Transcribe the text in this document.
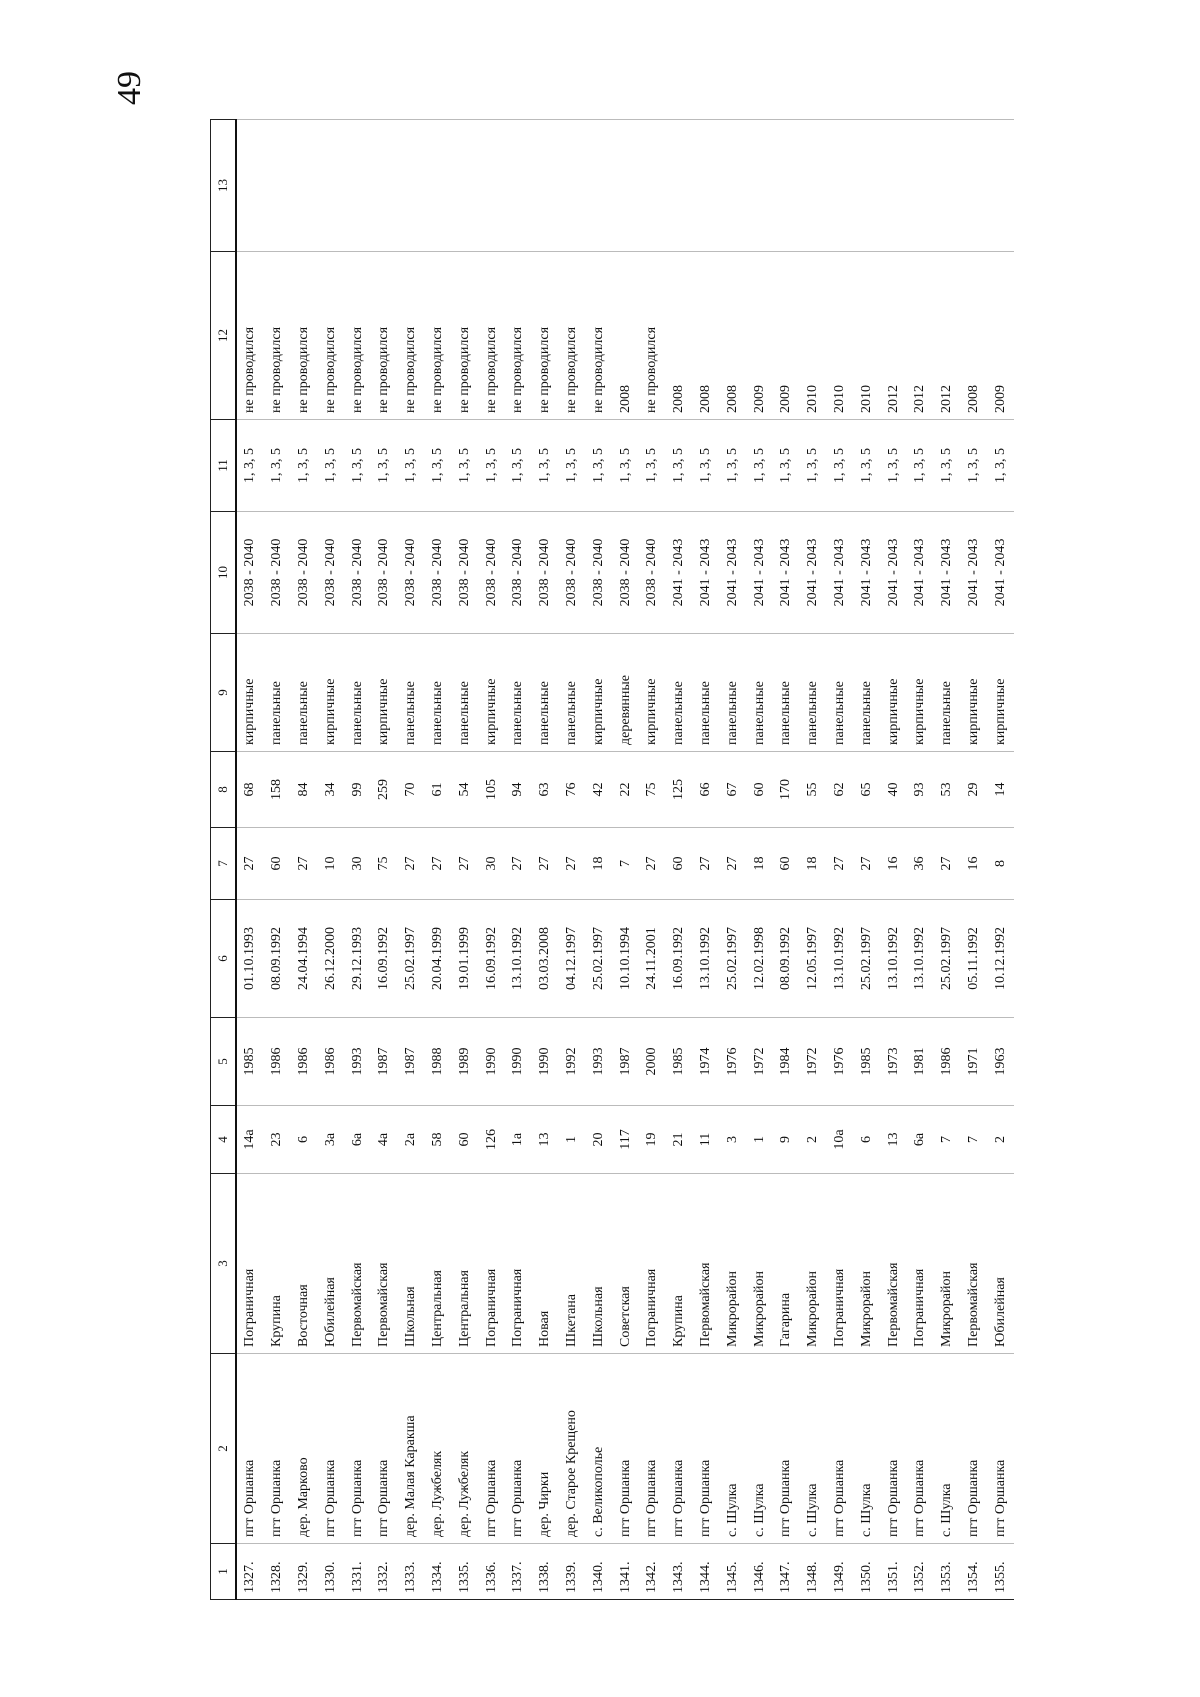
49
1	2	3	4	5	6	7	8	9	10	11	12	13
1327.	пгт Оршанка	Пограничная	14а	1985	01.10.1993	27	68	кирпичные	2038 - 2040	1, 3, 5	не проводился	
1328.	пгт Оршанка	Крупина	23	1986	08.09.1992	60	158	панельные	2038 - 2040	1, 3, 5	не проводился	
1329.	дер. Марково	Восточная	6	1986	24.04.1994	27	84	панельные	2038 - 2040	1, 3, 5	не проводился	
1330.	пгт Оршанка	Юбилейная	3а	1986	26.12.2000	10	34	кирпичные	2038 - 2040	1, 3, 5	не проводился	
1331.	пгт Оршанка	Первомайская	6а	1993	29.12.1993	30	99	панельные	2038 - 2040	1, 3, 5	не проводился	
1332.	пгт Оршанка	Первомайская	4а	1987	16.09.1992	75	259	кирпичные	2038 - 2040	1, 3, 5	не проводился	
1333.	дер. Малая Каракша	Школьная	2а	1987	25.02.1997	27	70	панельные	2038 - 2040	1, 3, 5	не проводился	
1334.	дер. Лужбеляк	Центральная	58	1988	20.04.1999	27	61	панельные	2038 - 2040	1, 3, 5	не проводился	
1335.	дер. Лужбеляк	Центральная	60	1989	19.01.1999	27	54	панельные	2038 - 2040	1, 3, 5	не проводился	
1336.	пгт Оршанка	Пограничная	126	1990	16.09.1992	30	105	кирпичные	2038 - 2040	1, 3, 5	не проводился	
1337.	пгт Оршанка	Пограничная	1а	1990	13.10.1992	27	94	панельные	2038 - 2040	1, 3, 5	не проводился	
1338.	дер. Чирки	Новая	13	1990	03.03.2008	27	63	панельные	2038 - 2040	1, 3, 5	не проводился	
1339.	дер. Старое Крещено	Шкетана	1	1992	04.12.1997	27	76	панельные	2038 - 2040	1, 3, 5	не проводился	
1340.	с. Великополье	Школьная	20	1993	25.02.1997	18	42	кирпичные	2038 - 2040	1, 3, 5	не проводился	
1341.	пгт Оршанка	Советская	117	1987	10.10.1994	7	22	деревянные	2038 - 2040	1, 3, 5	2008	
1342.	пгт Оршанка	Пограничная	19	2000	24.11.2001	27	75	кирпичные	2038 - 2040	1, 3, 5	не проводился	
1343.	пгт Оршанка	Крупина	21	1985	16.09.1992	60	125	панельные	2041 - 2043	1, 3, 5	2008	
1344.	пгт Оршанка	Первомайская	11	1974	13.10.1992	27	66	панельные	2041 - 2043	1, 3, 5	2008	
1345.	с. Шулка	Микрорайон	3	1976	25.02.1997	27	67	панельные	2041 - 2043	1, 3, 5	2008	
1346.	с. Шулка	Микрорайон	1	1972	12.02.1998	18	60	панельные	2041 - 2043	1, 3, 5	2009	
1347.	пгт Оршанка	Гагарина	9	1984	08.09.1992	60	170	панельные	2041 - 2043	1, 3, 5	2009	
1348.	с. Шулка	Микрорайон	2	1972	12.05.1997	18	55	панельные	2041 - 2043	1, 3, 5	2010	
1349.	пгт Оршанка	Пограничная	10а	1976	13.10.1992	27	62	панельные	2041 - 2043	1, 3, 5	2010	
1350.	с. Шулка	Микрорайон	6	1985	25.02.1997	27	65	панельные	2041 - 2043	1, 3, 5	2010	
1351.	пгт Оршанка	Первомайская	13	1973	13.10.1992	16	40	кирпичные	2041 - 2043	1, 3, 5	2012	
1352.	пгт Оршанка	Пограничная	6а	1981	13.10.1992	36	93	кирпичные	2041 - 2043	1, 3, 5	2012	
1353.	с. Шулка	Микрорайон	7	1986	25.02.1997	27	53	панельные	2041 - 2043	1, 3, 5	2012	
1354.	пгт Оршанка	Первомайская	7	1971	05.11.1992	16	29	кирпичные	2041 - 2043	1, 3, 5	2008	
1355.	пгт Оршанка	Юбилейная	2	1963	10.12.1992	8	14	кирпичные	2041 - 2043	1, 3, 5	2009	
